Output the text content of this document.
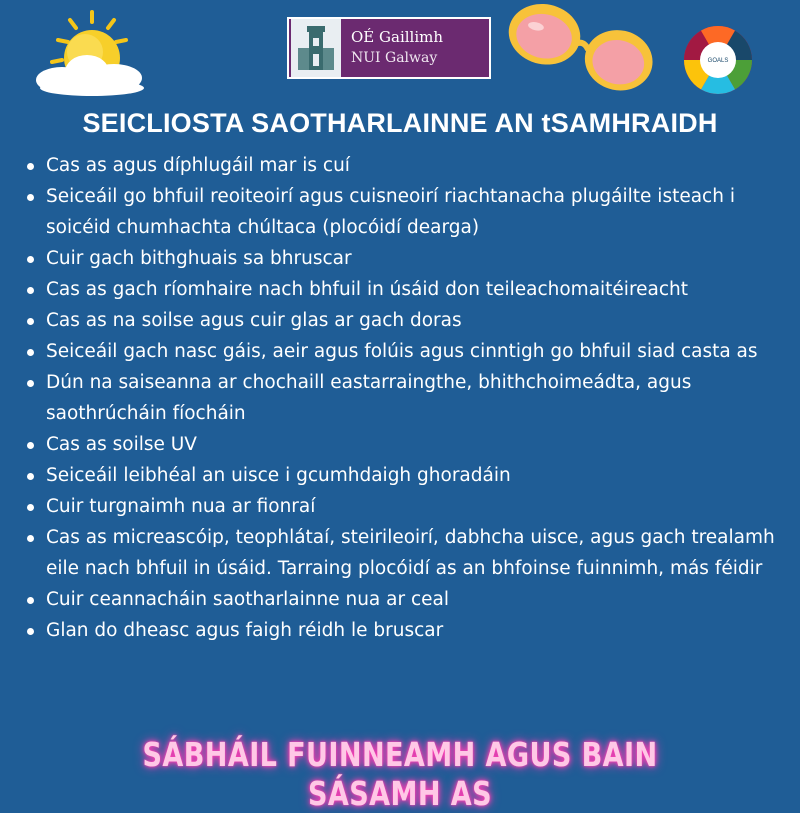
OÉ Gaillimh
NUI Galway	GOALS
SEICLIOSTA SAOTHARLAINNE AN tSAMHRAIDH
Cas as agus díphlugáil mar is cuí
Seiceáil go bhfuil reoiteoirí agus cuisneoirí riachtanacha plugáilte isteach i soicéid chumhachta chúltaca (plocóidí dearga)
Cuir gach bithghuais sa bhruscar
Cas as gach ríomhaire nach bhfuil in úsáid don teileachomaitéireacht
Cas as na soilse agus cuir glas ar gach doras
Seiceáil gach nasc gáis, aeir agus folúis agus cinntigh go bhfuil siad casta as
Dún na saiseanna ar chochaill eastarraingthe, bhithchoimeádta, agus saothrúcháin fíocháin
Cas as soilse UV
Seiceáil leibhéal an uisce i gcumhdaigh ghoradáin
Cuir turgnaimh nua ar fionraí
Cas as micreascóip, teophlátaí, steirileoirí, dabhcha uisce, agus gach trealamh eile nach bhfuil in úsáid. Tarraing plocóidí as an bhfoinse fuinnimh, más féidir
Cuir ceannacháin saotharlainne nua ar ceal
Glan do dheasc agus faigh réidh le bruscar
SÁBHÁIL FUINNEAMH AGUS BAIN SÁSAMH AS
